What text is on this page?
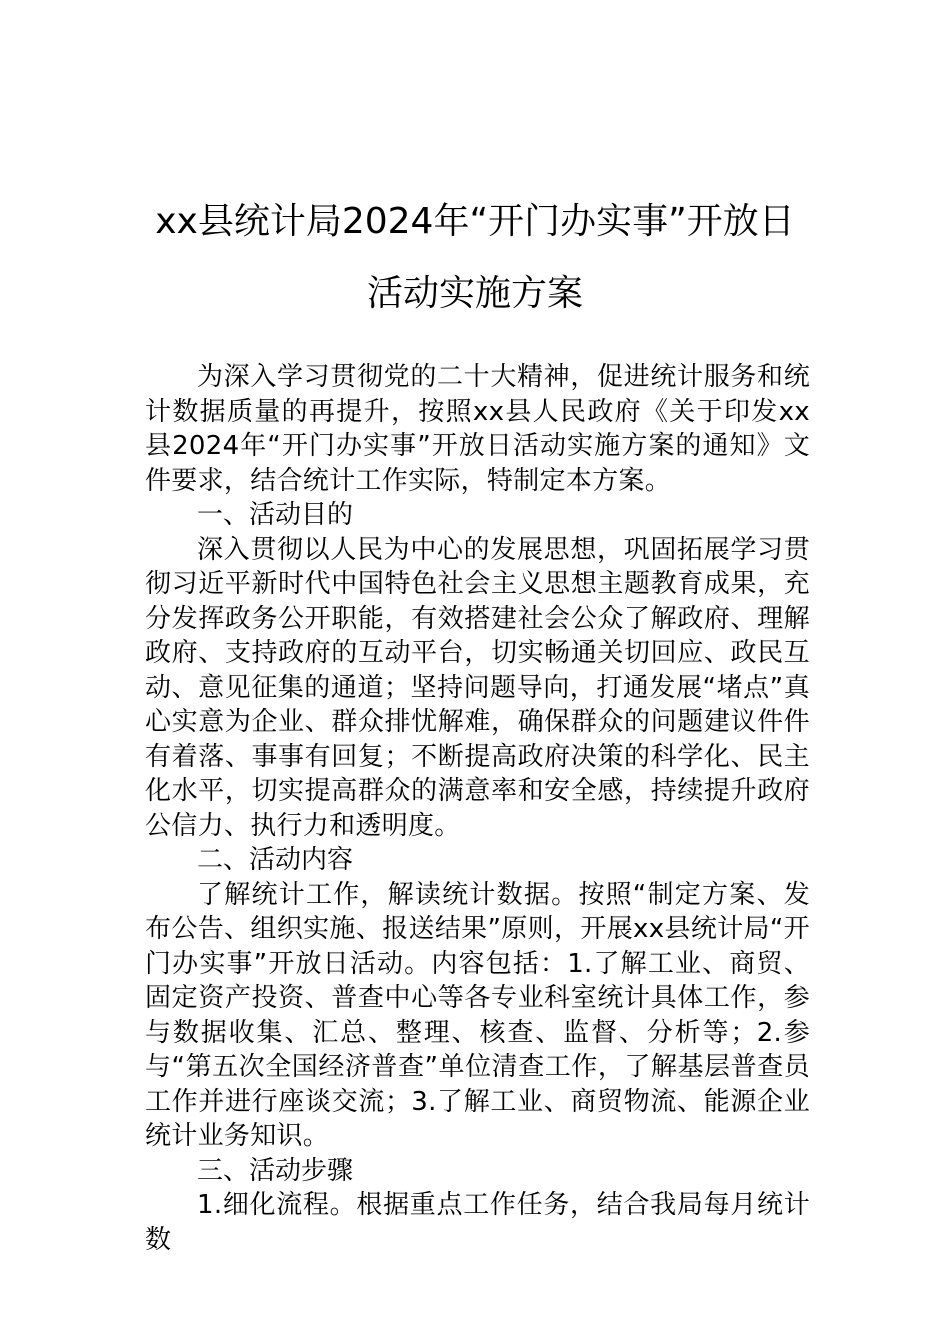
xx县统计局2024年“开门办实事”开放日
活动实施方案

为深入学习贯彻党的二十大精神，促进统计服务和统计数据质量的再提升，按照xx县人民政府《关于印发xx县2024年“开门办实事”开放日活动实施方案的通知》文件要求，结合统计工作实际，特制定本方案。

一、活动目的

深入贯彻以人民为中心的发展思想，巩固拓展学习贯彻习近平新时代中国特色社会主义思想主题教育成果，充分发挥政务公开职能，有效搭建社会公众了解政府、理解政府、支持政府的互动平台，切实畅通关切回应、政民互动、意见征集的通道；坚持问题导向，打通发展“堵点”真心实意为企业、群众排忧解难，确保群众的问题建议件件有着落、事事有回复；不断提高政府决策的科学化、民主化水平，切实提高群众的满意率和安全感，持续提升政府公信力、执行力和透明度。

二、活动内容

了解统计工作，解读统计数据。按照“制定方案、发布公告、组织实施、报送结果”原则，开展xx县统计局“开门办实事”开放日活动。内容包括：1.了解工业、商贸、固定资产投资、普查中心等各专业科室统计具体工作，参与数据收集、汇总、整理、核查、监督、分析等；2.参与“第五次全国经济普查”单位清查工作，了解基层普查员工作并进行座谈交流；3.了解工业、商贸物流、能源企业统计业务知识。

三、活动步骤

1.细化流程。根据重点工作任务，结合我局每月统计数
